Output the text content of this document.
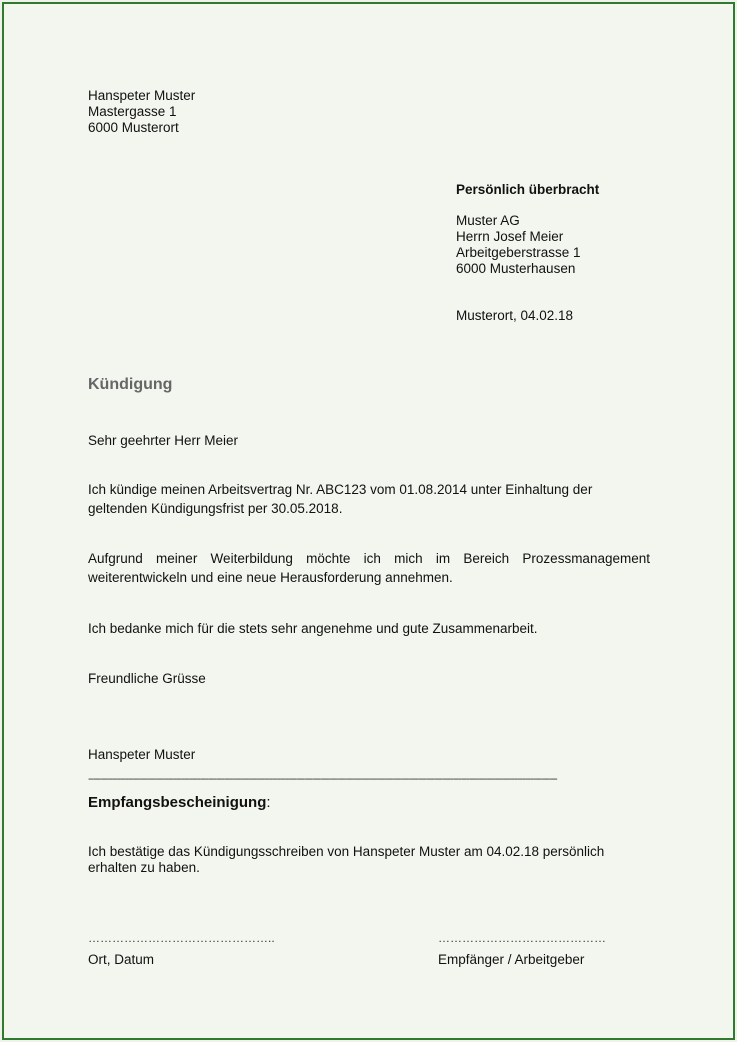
Hanspeter Muster
Mastergasse 1
6000 Musterort
Persönlich überbracht
Muster AG
Herrn Josef Meier
Arbeitgeberstrasse 1
6000 Musterhausen
Musterort, 04.02.18
Kündigung
Sehr geehrter Herr Meier
Ich kündige meinen Arbeitsvertrag Nr. ABC123 vom 01.08.2014 unter Einhaltung der geltenden Kündigungsfrist per 30.05.2018.
Aufgrund meiner Weiterbildung möchte ich mich im Bereich Prozessmanagement weiterentwickeln und eine neue Herausforderung annehmen.
Ich bedanke mich für die stets sehr angenehme und gute Zusammenarbeit.
Freundliche Grüsse
Hanspeter Muster
--------------------------------------------------------------------------------------------------------------------------------------------------------------------------------
Empfangsbescheinigung:
Ich bestätige das Kündigungsschreiben von Hanspeter Muster am 04.02.18 persönlich erhalten zu haben.
………………………………………..	……………………………………
Ort, Datum	Empfänger / Arbeitgeber
